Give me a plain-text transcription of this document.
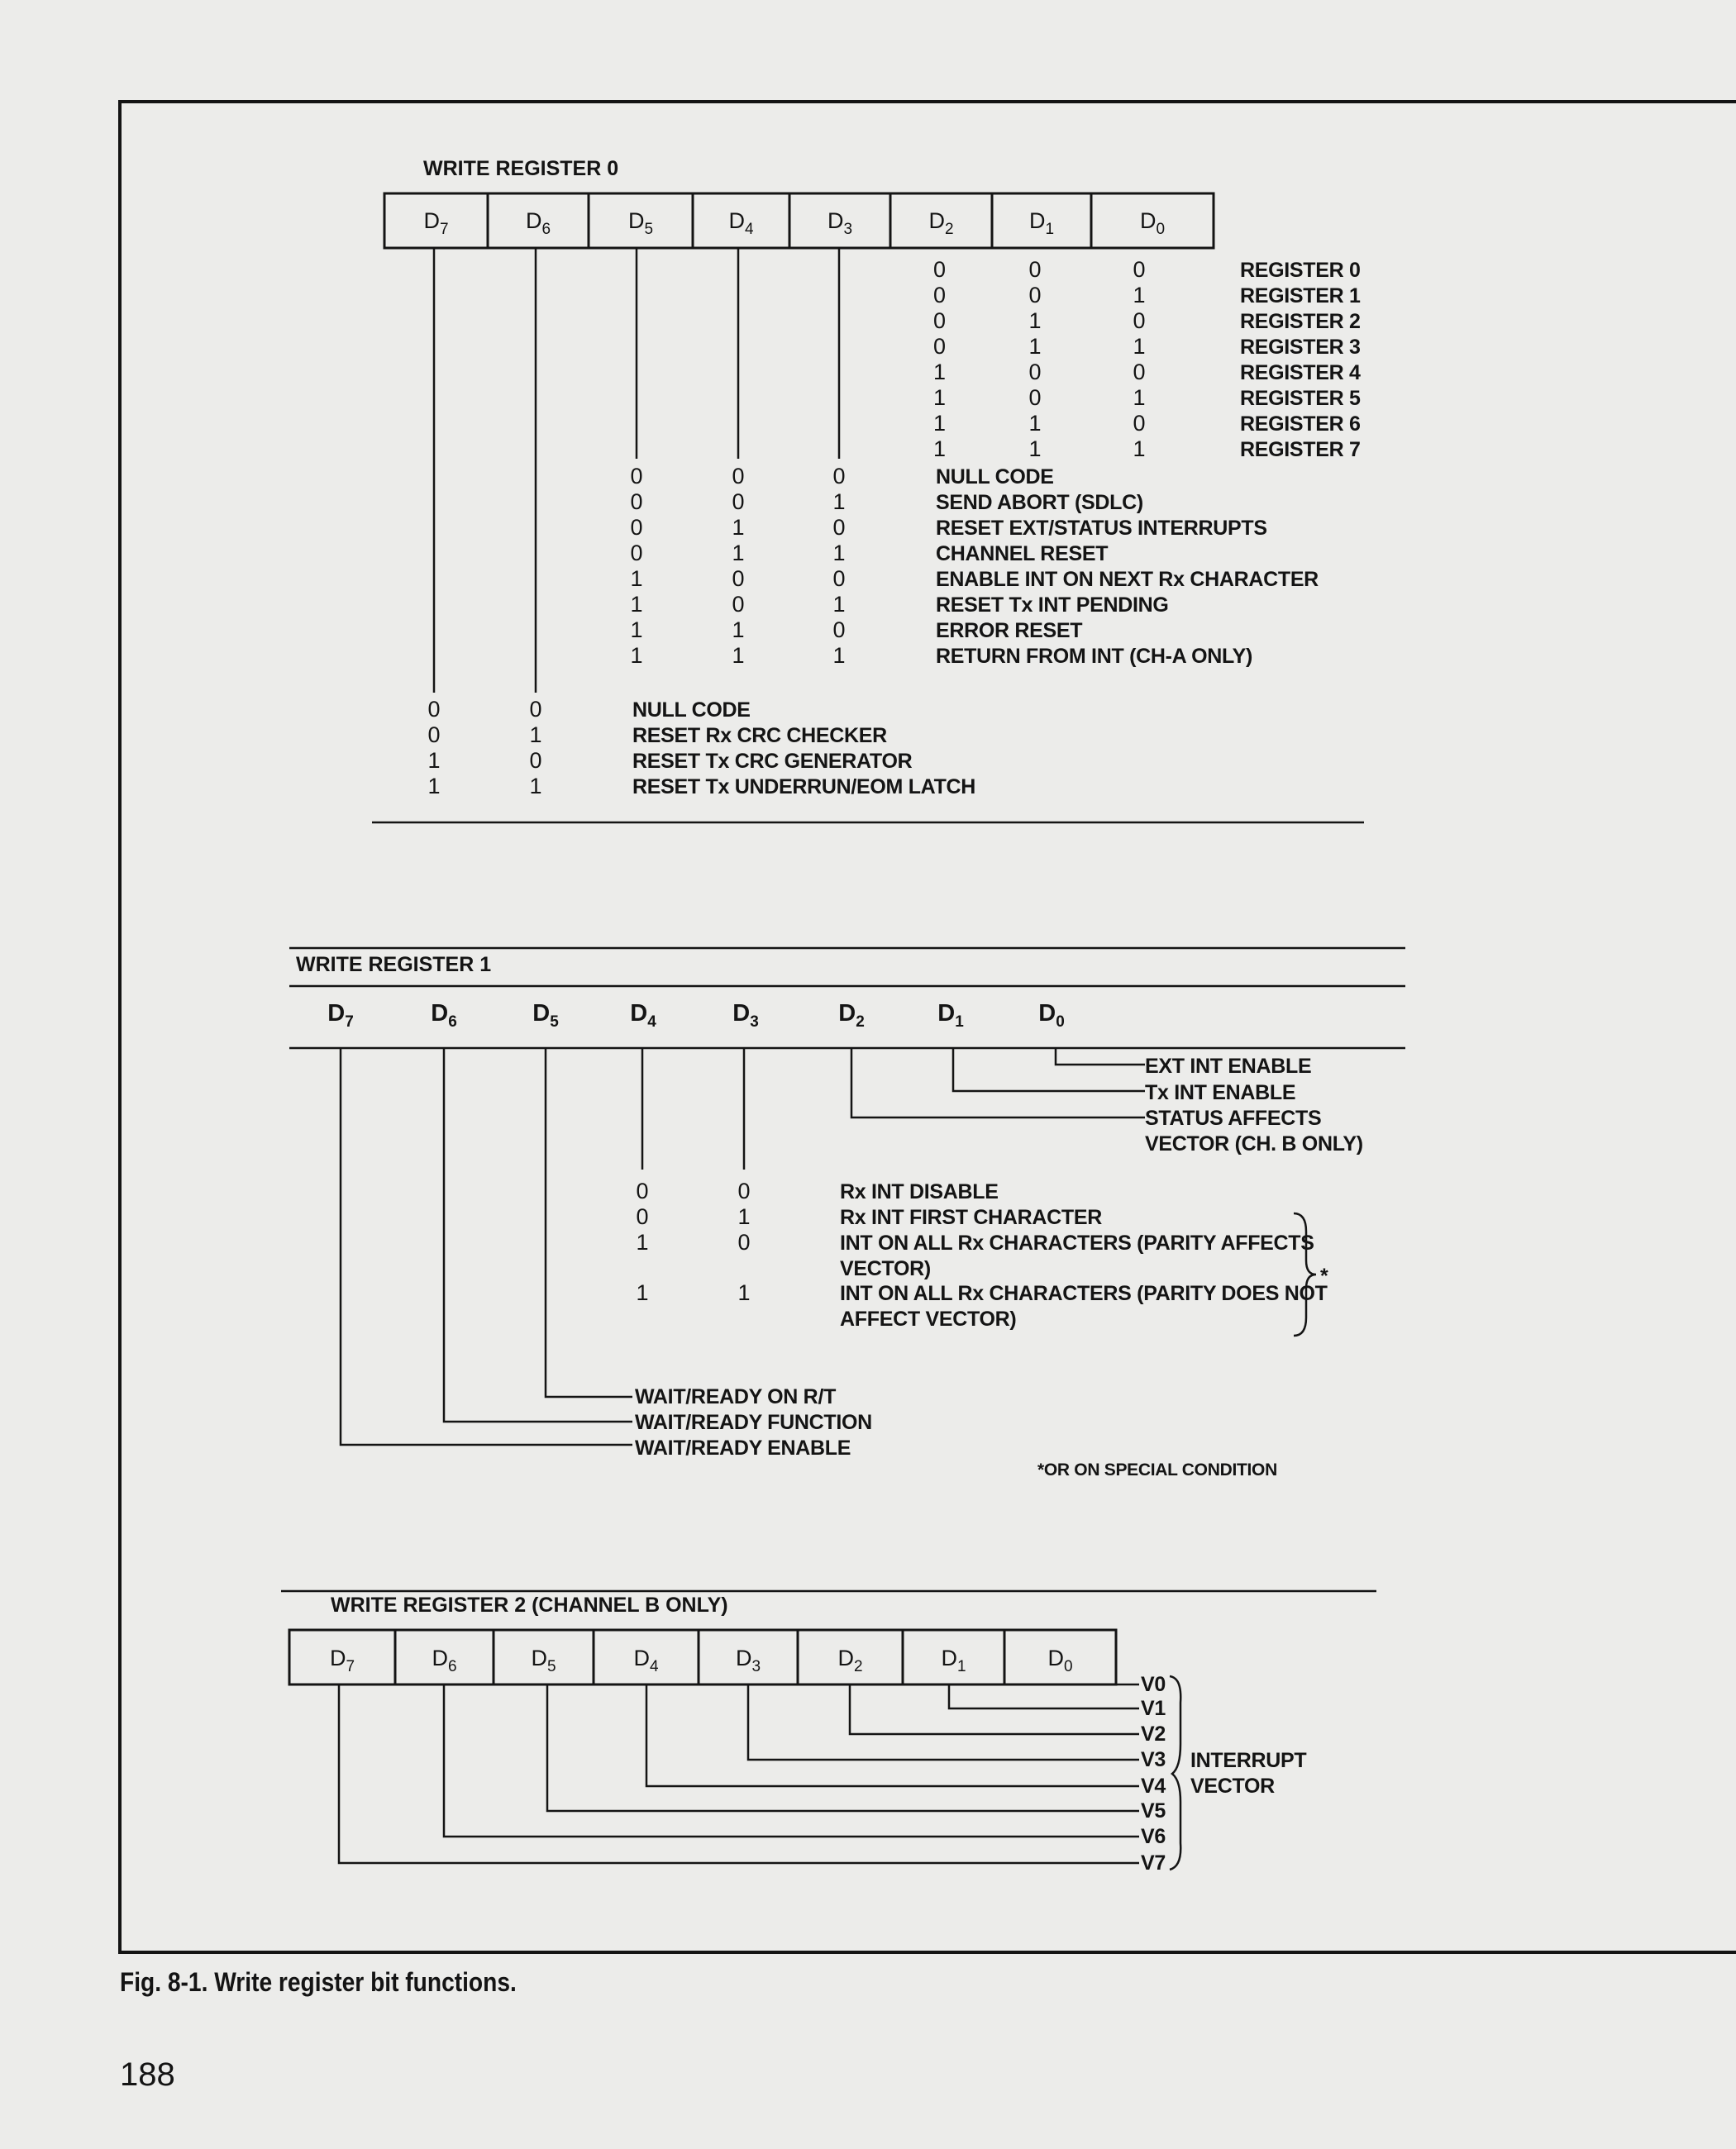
WRITE REGISTER 0
$D_7$	$D_6$	$D_5$	$D_4$	$D_3$	$D_2$	$D_1$	$D_0$
0	0	0	REGISTER 0
0	0	1	REGISTER 1
0	1	0	REGISTER 2
0	1	1	REGISTER 3
1	0	0	REGISTER 4
1	0	1	REGISTER 5
1	1	0	REGISTER 6
1	1	1	REGISTER 7
0	0	0	NULL CODE
0	0	1	SEND ABORT (SDLC)
0	1	0	RESET EXT/STATUS INTERRUPTS
0	1	1	CHANNEL RESET
1	0	0	ENABLE INT ON NEXT Rx CHARACTER
1	0	1	RESET Tx INT PENDING
1	1	0	ERROR RESET
1	1	1	RETURN FROM INT (CH-A ONLY)
0	0	NULL CODE
0	1	RESET Rx CRC CHECKER
1	0	RESET Tx CRC GENERATOR
1	1	RESET Tx UNDERRUN/EOM LATCH
WRITE REGISTER 1
$D_7$	$D_6$	$D_5$	$D_4$	$D_3$	$D_2$	$D_1$	$D_0$
EXT INT ENABLE
Tx INT ENABLE
STATUS AFFECTS
VECTOR (CH. B ONLY)
0	0	Rx INT DISABLE
0	1	Rx INT FIRST CHARACTER
1	0	INT ON ALL Rx CHARACTERS (PARITY AFFECTS
VECTOR)
1	1	INT ON ALL Rx CHARACTERS (PARITY DOES NOT
AFFECT VECTOR)
*
WAIT/READY ON R/T
WAIT/READY FUNCTION
WAIT/READY ENABLE
*OR ON SPECIAL CONDITION
WRITE REGISTER 2 (CHANNEL B ONLY)
$D_7$	$D_6$	$D_5$	$D_4$	$D_3$	$D_2$	$D_1$	$D_0$
V0
V1
V2
V3
V4
V5
V6
V7
INTERRUPT
VECTOR
Fig. 8-1. Write register bit functions.
188
